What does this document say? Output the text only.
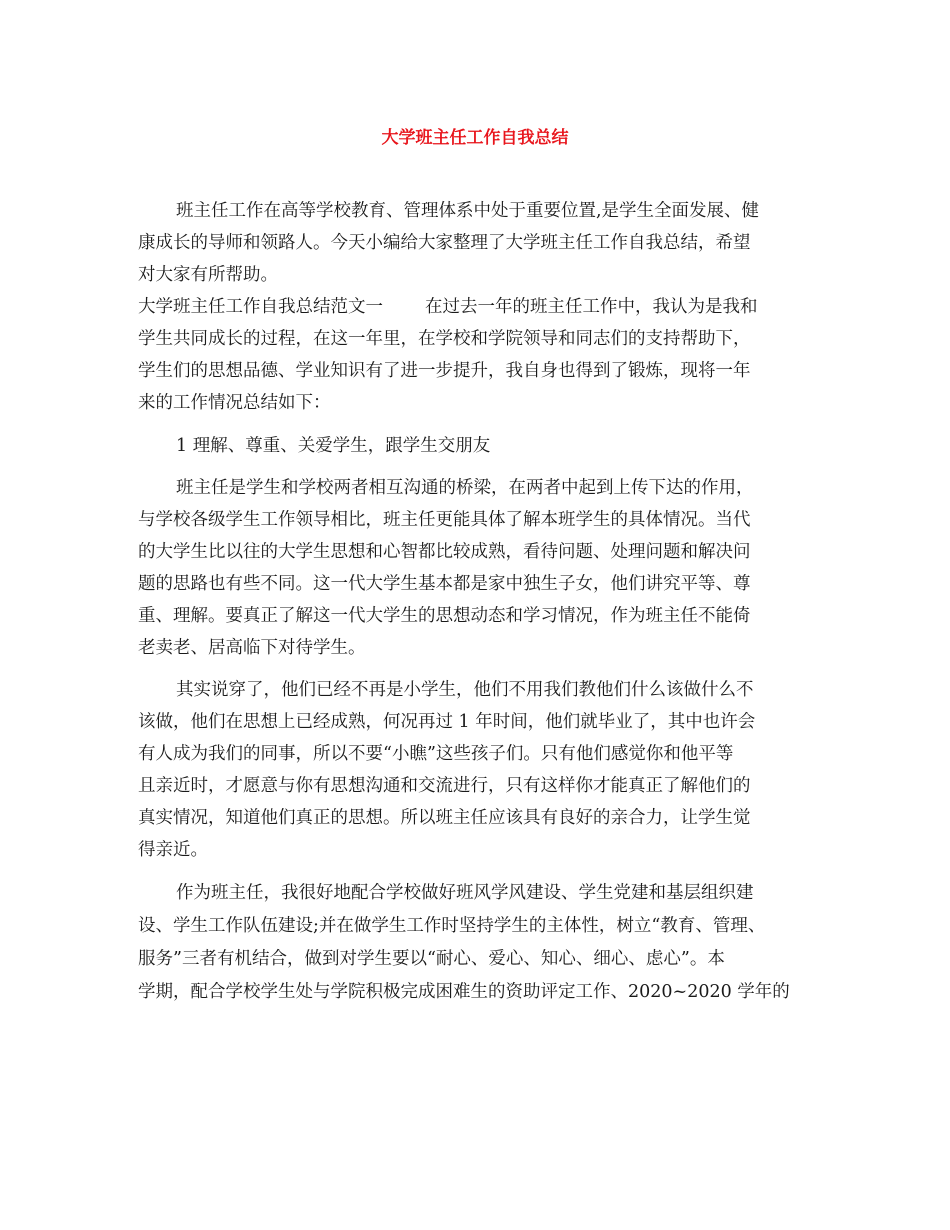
大学班主任工作自我总结
班主任工作在高等学校教育、管理体系中处于重要位置,是学生全面发展、健
康成长的导师和领路人。今天小编给大家整理了大学班主任工作自我总结，希望
对大家有所帮助。
大学班主任工作自我总结范文一 在过去一年的班主任工作中，我认为是我和
学生共同成长的过程，在这一年里，在学校和学院领导和同志们的支持帮助下，
学生们的思想品德、学业知识有了进一步提升，我自身也得到了锻炼，现将一年
来的工作情况总结如下：
1 理解、尊重、关爱学生，跟学生交朋友
班主任是学生和学校两者相互沟通的桥梁，在两者中起到上传下达的作用，
与学校各级学生工作领导相比，班主任更能具体了解本班学生的具体情况。当代
的大学生比以往的大学生思想和心智都比较成熟，看待问题、处理问题和解决问
题的思路也有些不同。这一代大学生基本都是家中独生子女，他们讲究平等、尊
重、理解。要真正了解这一代大学生的思想动态和学习情况，作为班主任不能倚
老卖老、居高临下对待学生。
其实说穿了，他们已经不再是小学生，他们不用我们教他们什么该做什么不
该做，他们在思想上已经成熟，何况再过 1 年时间，他们就毕业了，其中也许会
有人成为我们的同事，所以不要“小瞧”这些孩子们。只有他们感觉你和他平等
且亲近时，才愿意与你有思想沟通和交流进行，只有这样你才能真正了解他们的
真实情况，知道他们真正的思想。所以班主任应该具有良好的亲合力，让学生觉
得亲近。
作为班主任，我很好地配合学校做好班风学风建设、学生党建和基层组织建
设、学生工作队伍建设;并在做学生工作时坚持学生的主体性，树立“教育、管理、
服务”三者有机结合，做到对学生要以“耐心、爱心、知心、细心、虑心”。本
学期，配合学校学生处与学院积极完成困难生的资助评定工作、2020~2020 学年的
